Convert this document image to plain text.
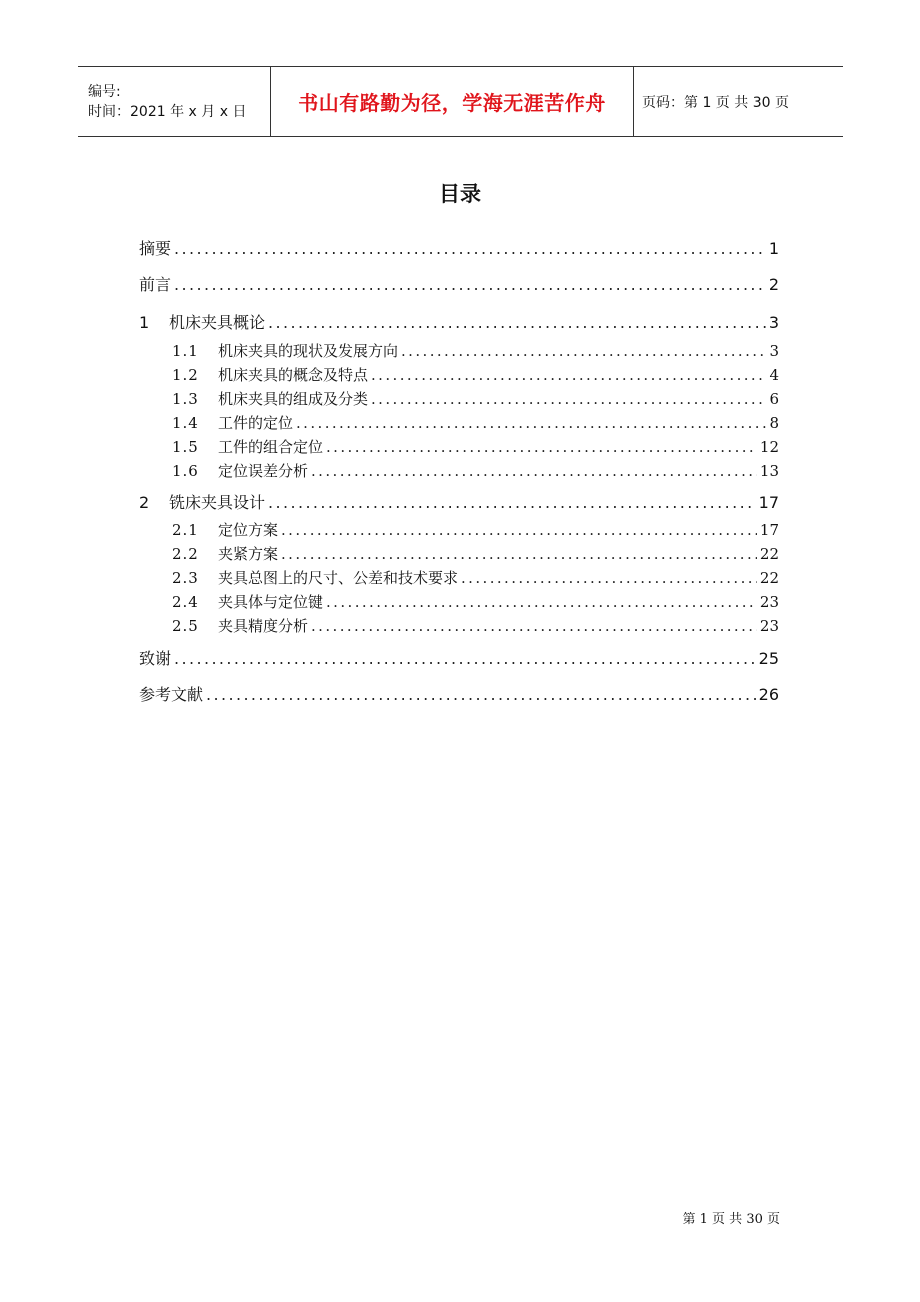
编号:
时间：2021 年 x 月 x 日	书山有路勤为径，学海无涯苦作舟	页码：第 1 页 共 30 页
目录
摘要 .....	1
前言 .....	2
1	机床夹具概论 .....	3
1.1	机床夹具的现状及发展方向 .....	3
1.2	机床夹具的概念及特点 .....	4
1.3	机床夹具的组成及分类 .....	6
1.4	工件的定位 .....	8
1.5	工件的组合定位 .....	12
1.6	定位误差分析 .....	13
2	铣床夹具设计 .....	17
2.1	定位方案 .....	17
2.2	夹紧方案 .....	22
2.3	夹具总图上的尺寸、公差和技术要求 .....	22
2.4	夹具体与定位键 .....	23
2.5	夹具精度分析 .....	23
致谢 .....	25
参考文献 .....	26
第 1 页 共 30 页
